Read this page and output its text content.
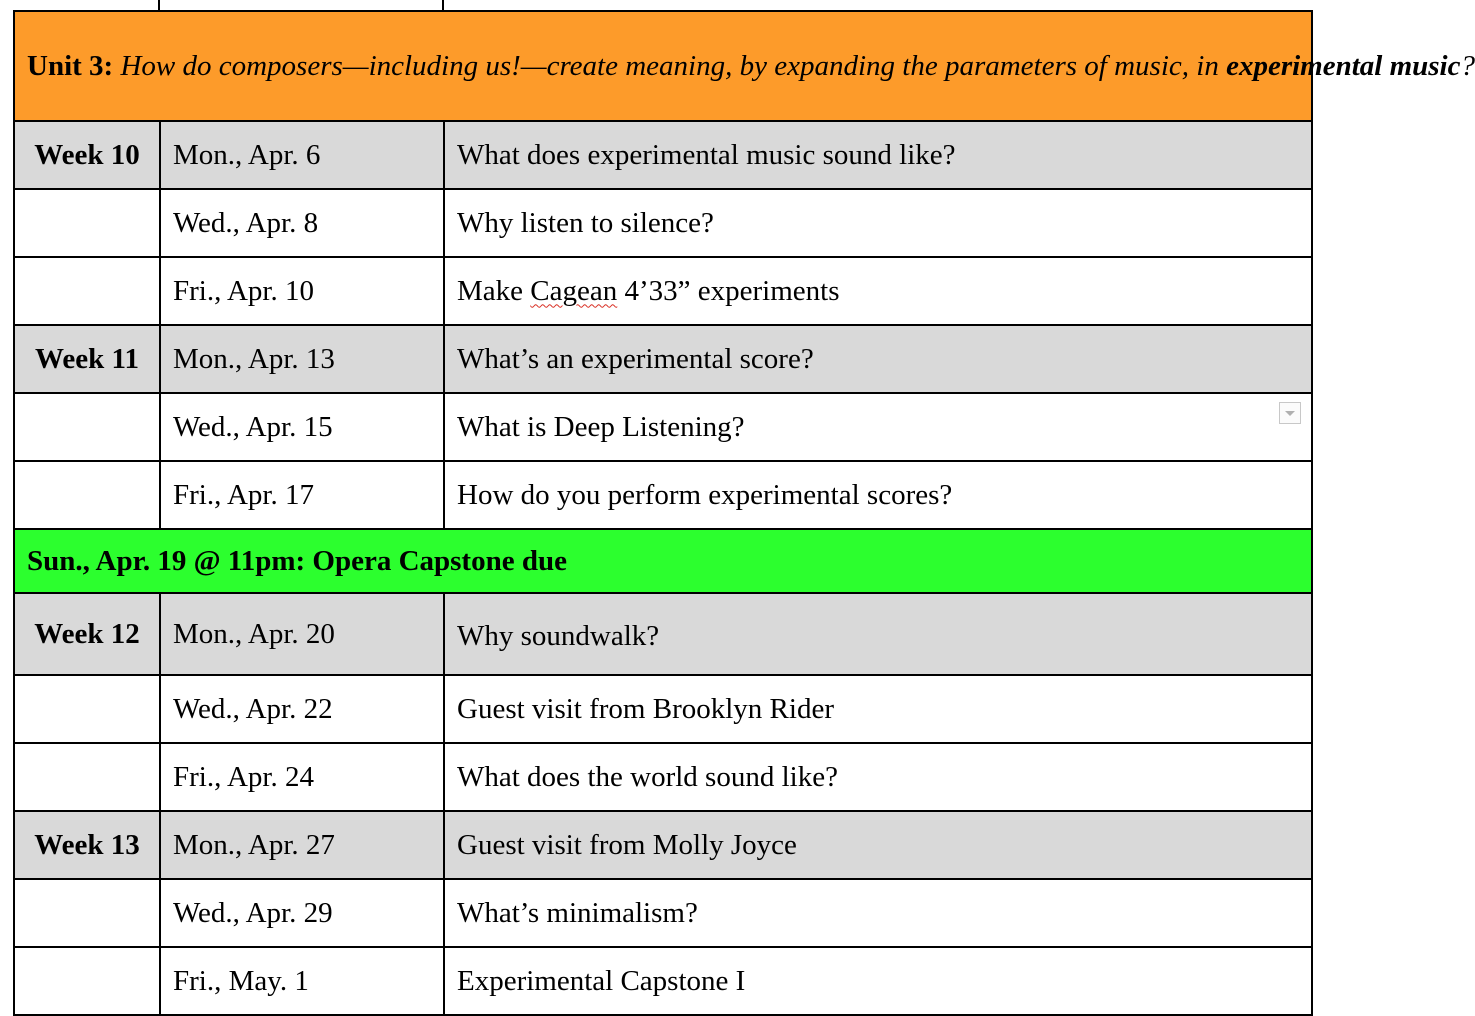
Unit 3: How do composers—including us!—create meaning, by expanding the parameters of music, in experimental music?		
Week 10	Mon., Apr. 6	What does experimental music sound like?
	Wed., Apr. 8	Why listen to silence?
	Fri., Apr. 10	Make Cagean 4’33” experiments
Week 11	Mon., Apr. 13	What’s an experimental score?
	Wed., Apr. 15	What is Deep Listening?
	Fri., Apr. 17	How do you perform experimental scores?
Sun., Apr. 19 @ 11pm: Opera Capstone due		
Week 12	Mon., Apr. 20	Why soundwalk?
	Wed., Apr. 22	Guest visit from Brooklyn Rider
	Fri., Apr. 24	What does the world sound like?
Week 13	Mon., Apr. 27	Guest visit from Molly Joyce
	Wed., Apr. 29	What’s minimalism?
	Fri., May. 1	Experimental Capstone I
